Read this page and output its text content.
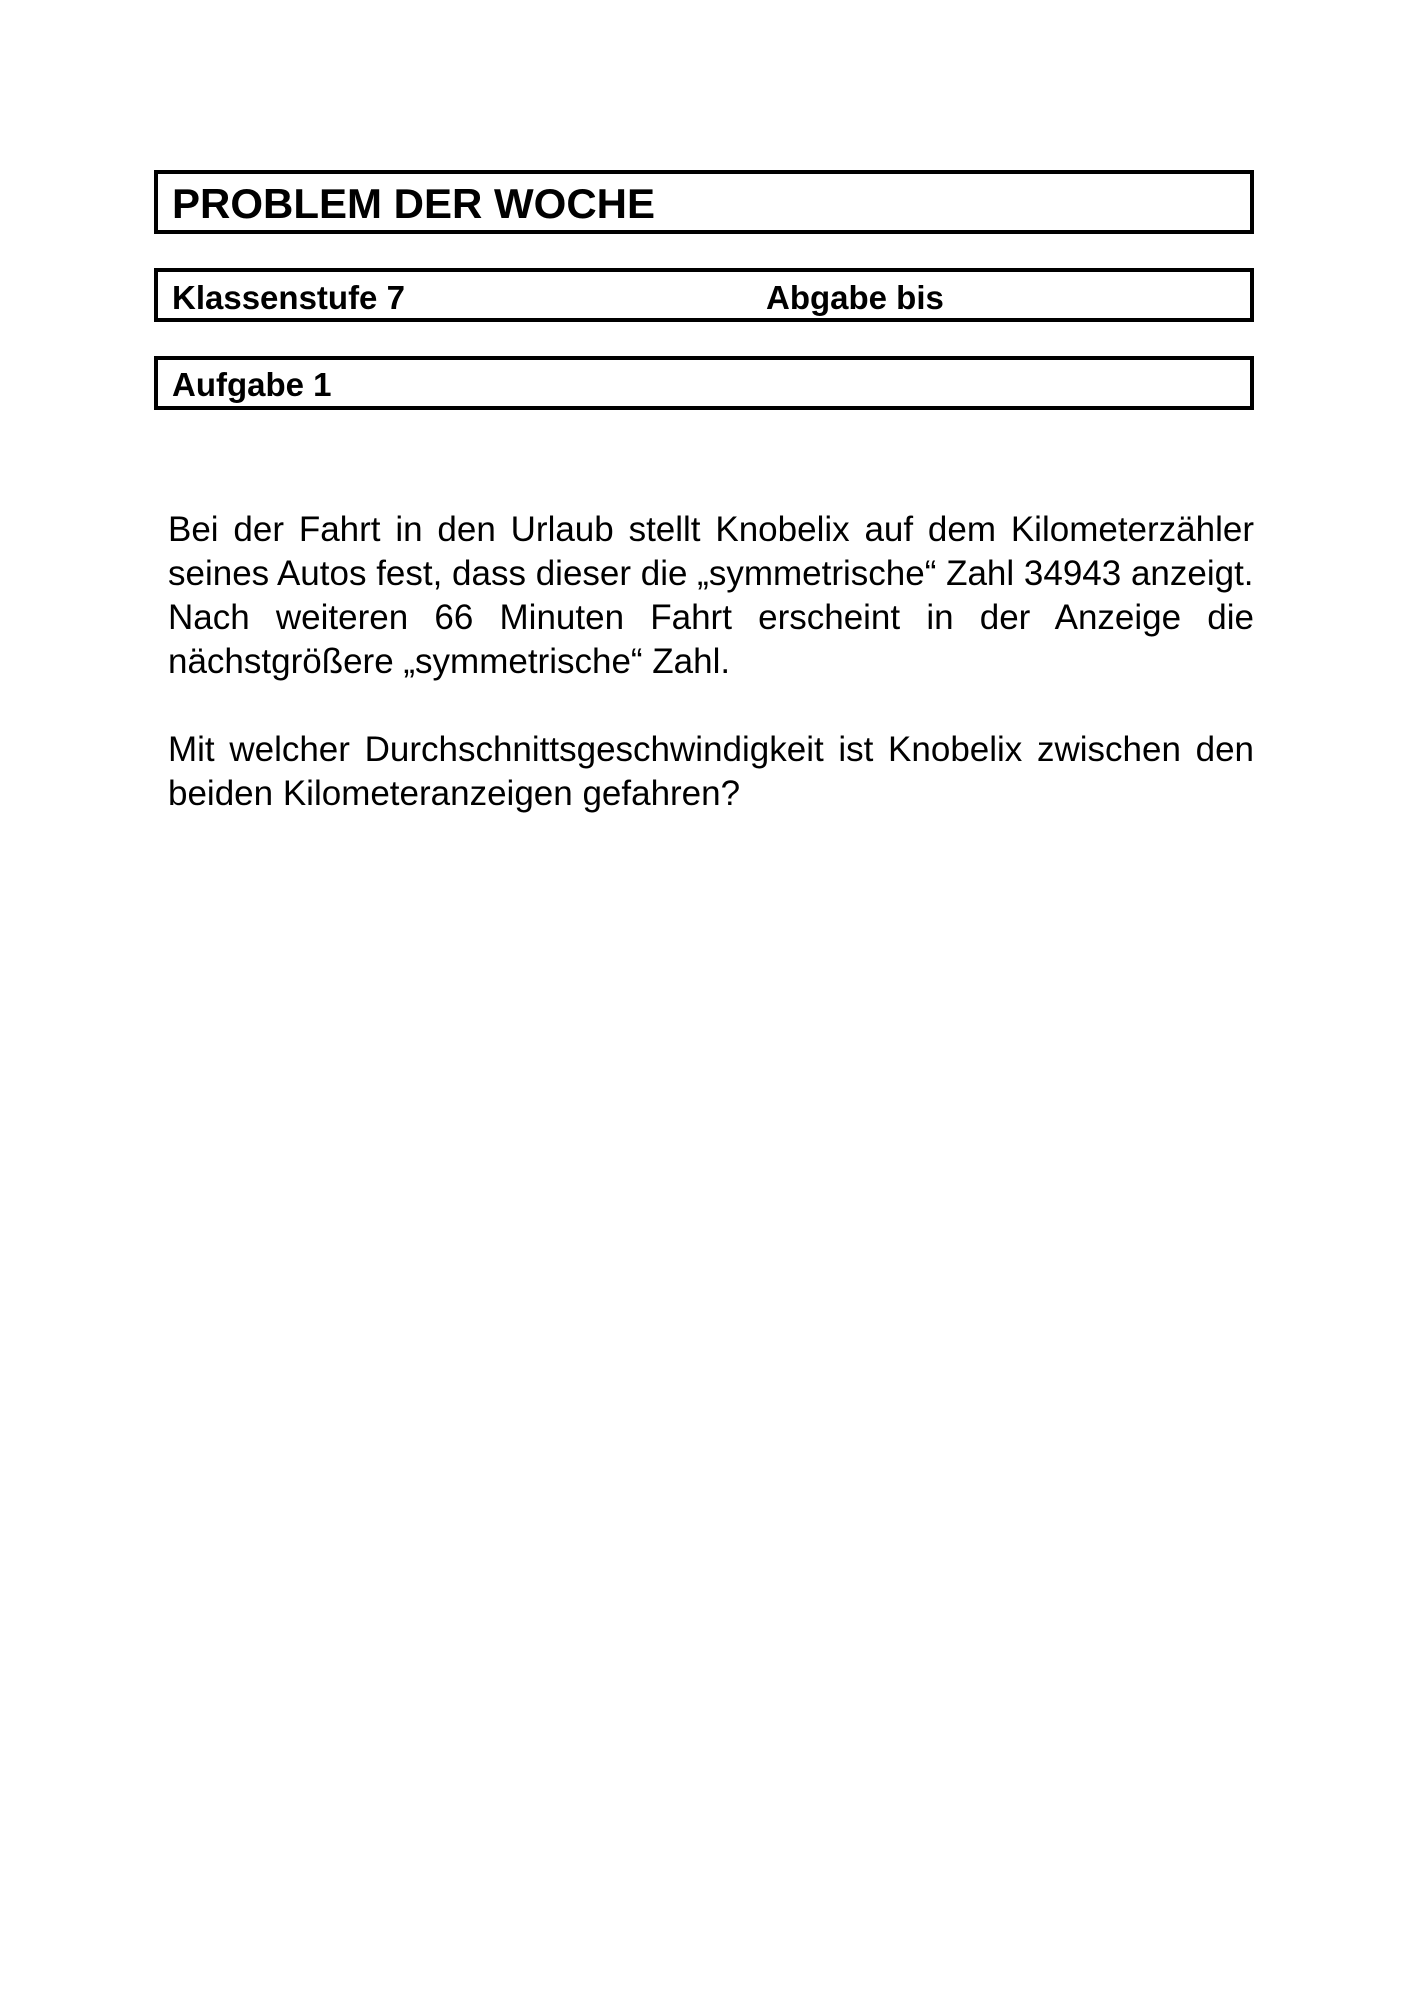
PROBLEM DER WOCHE
Klassenstufe 7	Abgabe bis
Aufgabe 1

Bei der Fahrt in den Urlaub stellt Knobelix auf dem Kilometerzähler seines Autos fest, dass dieser die „symmetrische“ Zahl 34943 anzeigt.

Nach weiteren 66 Minuten Fahrt erscheint in der Anzeige die nächstgrößere „symmetrische“ Zahl.

Mit welcher Durchschnittsgeschwindigkeit ist Knobelix zwischen den beiden Kilometeranzeigen gefahren?
